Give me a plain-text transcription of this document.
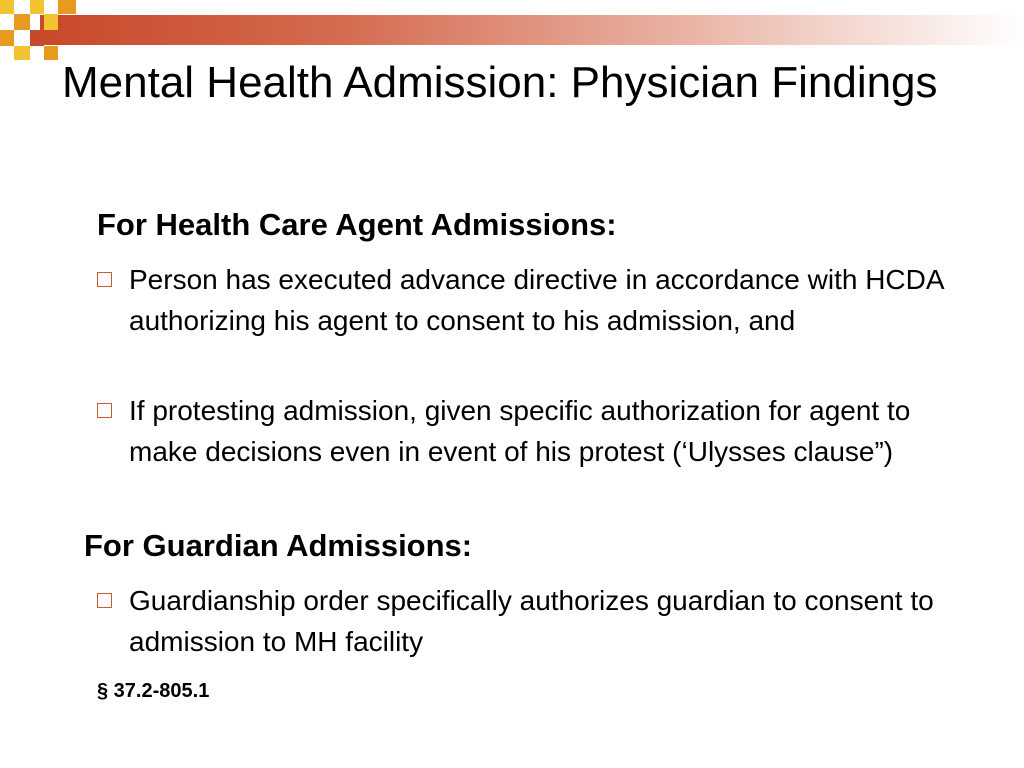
Mental Health Admission: Physician Findings
For Health Care Agent Admissions:
Person has executed advance directive in accordance with HCDA authorizing his agent to consent to his admission, and
If protesting admission, given specific authorization for agent to make decisions even in event of his protest (‘Ulysses clause”)
For Guardian Admissions:
Guardianship order specifically authorizes guardian to consent to admission to MH facility

§ 37.2-805.1
